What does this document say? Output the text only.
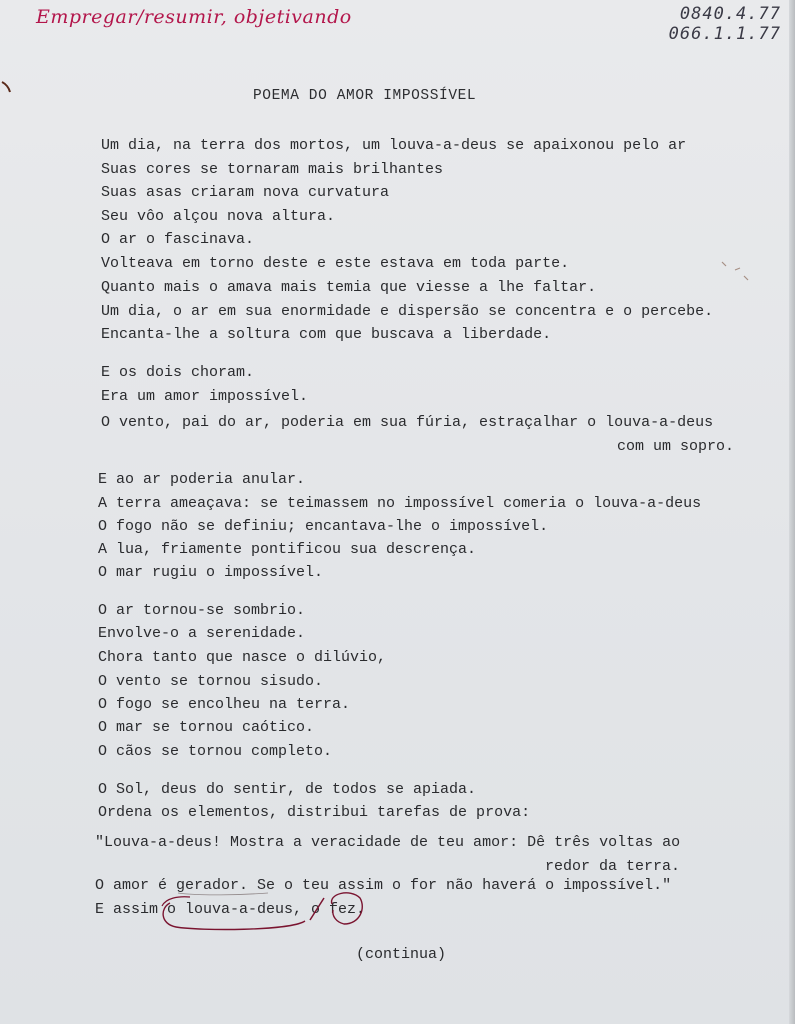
Empregar/resumir, objetivando	0840.4.77
066.1.1.77
POEMA DO AMOR IMPOSSÍVEL
Um dia, na terra dos mortos, um louva-a-deus se apaixonou pelo ar
Suas cores se tornaram mais brilhantes
Suas asas criaram nova curvatura
Seu vôo alçou nova altura.
O ar o fascinava.
Volteava em torno deste e este estava em toda parte.
Quanto mais o amava mais temia que viesse a lhe faltar.
Um dia, o ar em sua enormidade e dispersão se concentra e o percebe.
Encanta-lhe a soltura com que buscava a liberdade.
E os dois choram.
Era um amor impossível.
O vento, pai do ar, poderia em sua fúria, estraçalhar o louva-a-deus
com um sopro.
E ao ar poderia anular.
A terra ameaçava: se teimassem no impossível comeria o louva-a-deus
O fogo não se definiu; encantava-lhe o impossível.
A lua, friamente pontificou sua descrença.
O mar rugiu o impossível.
O ar tornou-se sombrio.
Envolve-o a serenidade.
Chora tanto que nasce o dilúvio,
O vento se tornou sisudo.
O fogo se encolheu na terra.
O mar se tornou caótico.
O cãos se tornou completo.
O Sol, deus do sentir, de todos se apiada.
Ordena os elementos, distribui tarefas de prova:
"Louva-a-deus! Mostra a veracidade de teu amor: Dê três voltas ao
redor da terra.
O amor é gerador. Se o teu assim o for não haverá o impossível."
E assim o louva-a-deus, o fez.
(continua)
